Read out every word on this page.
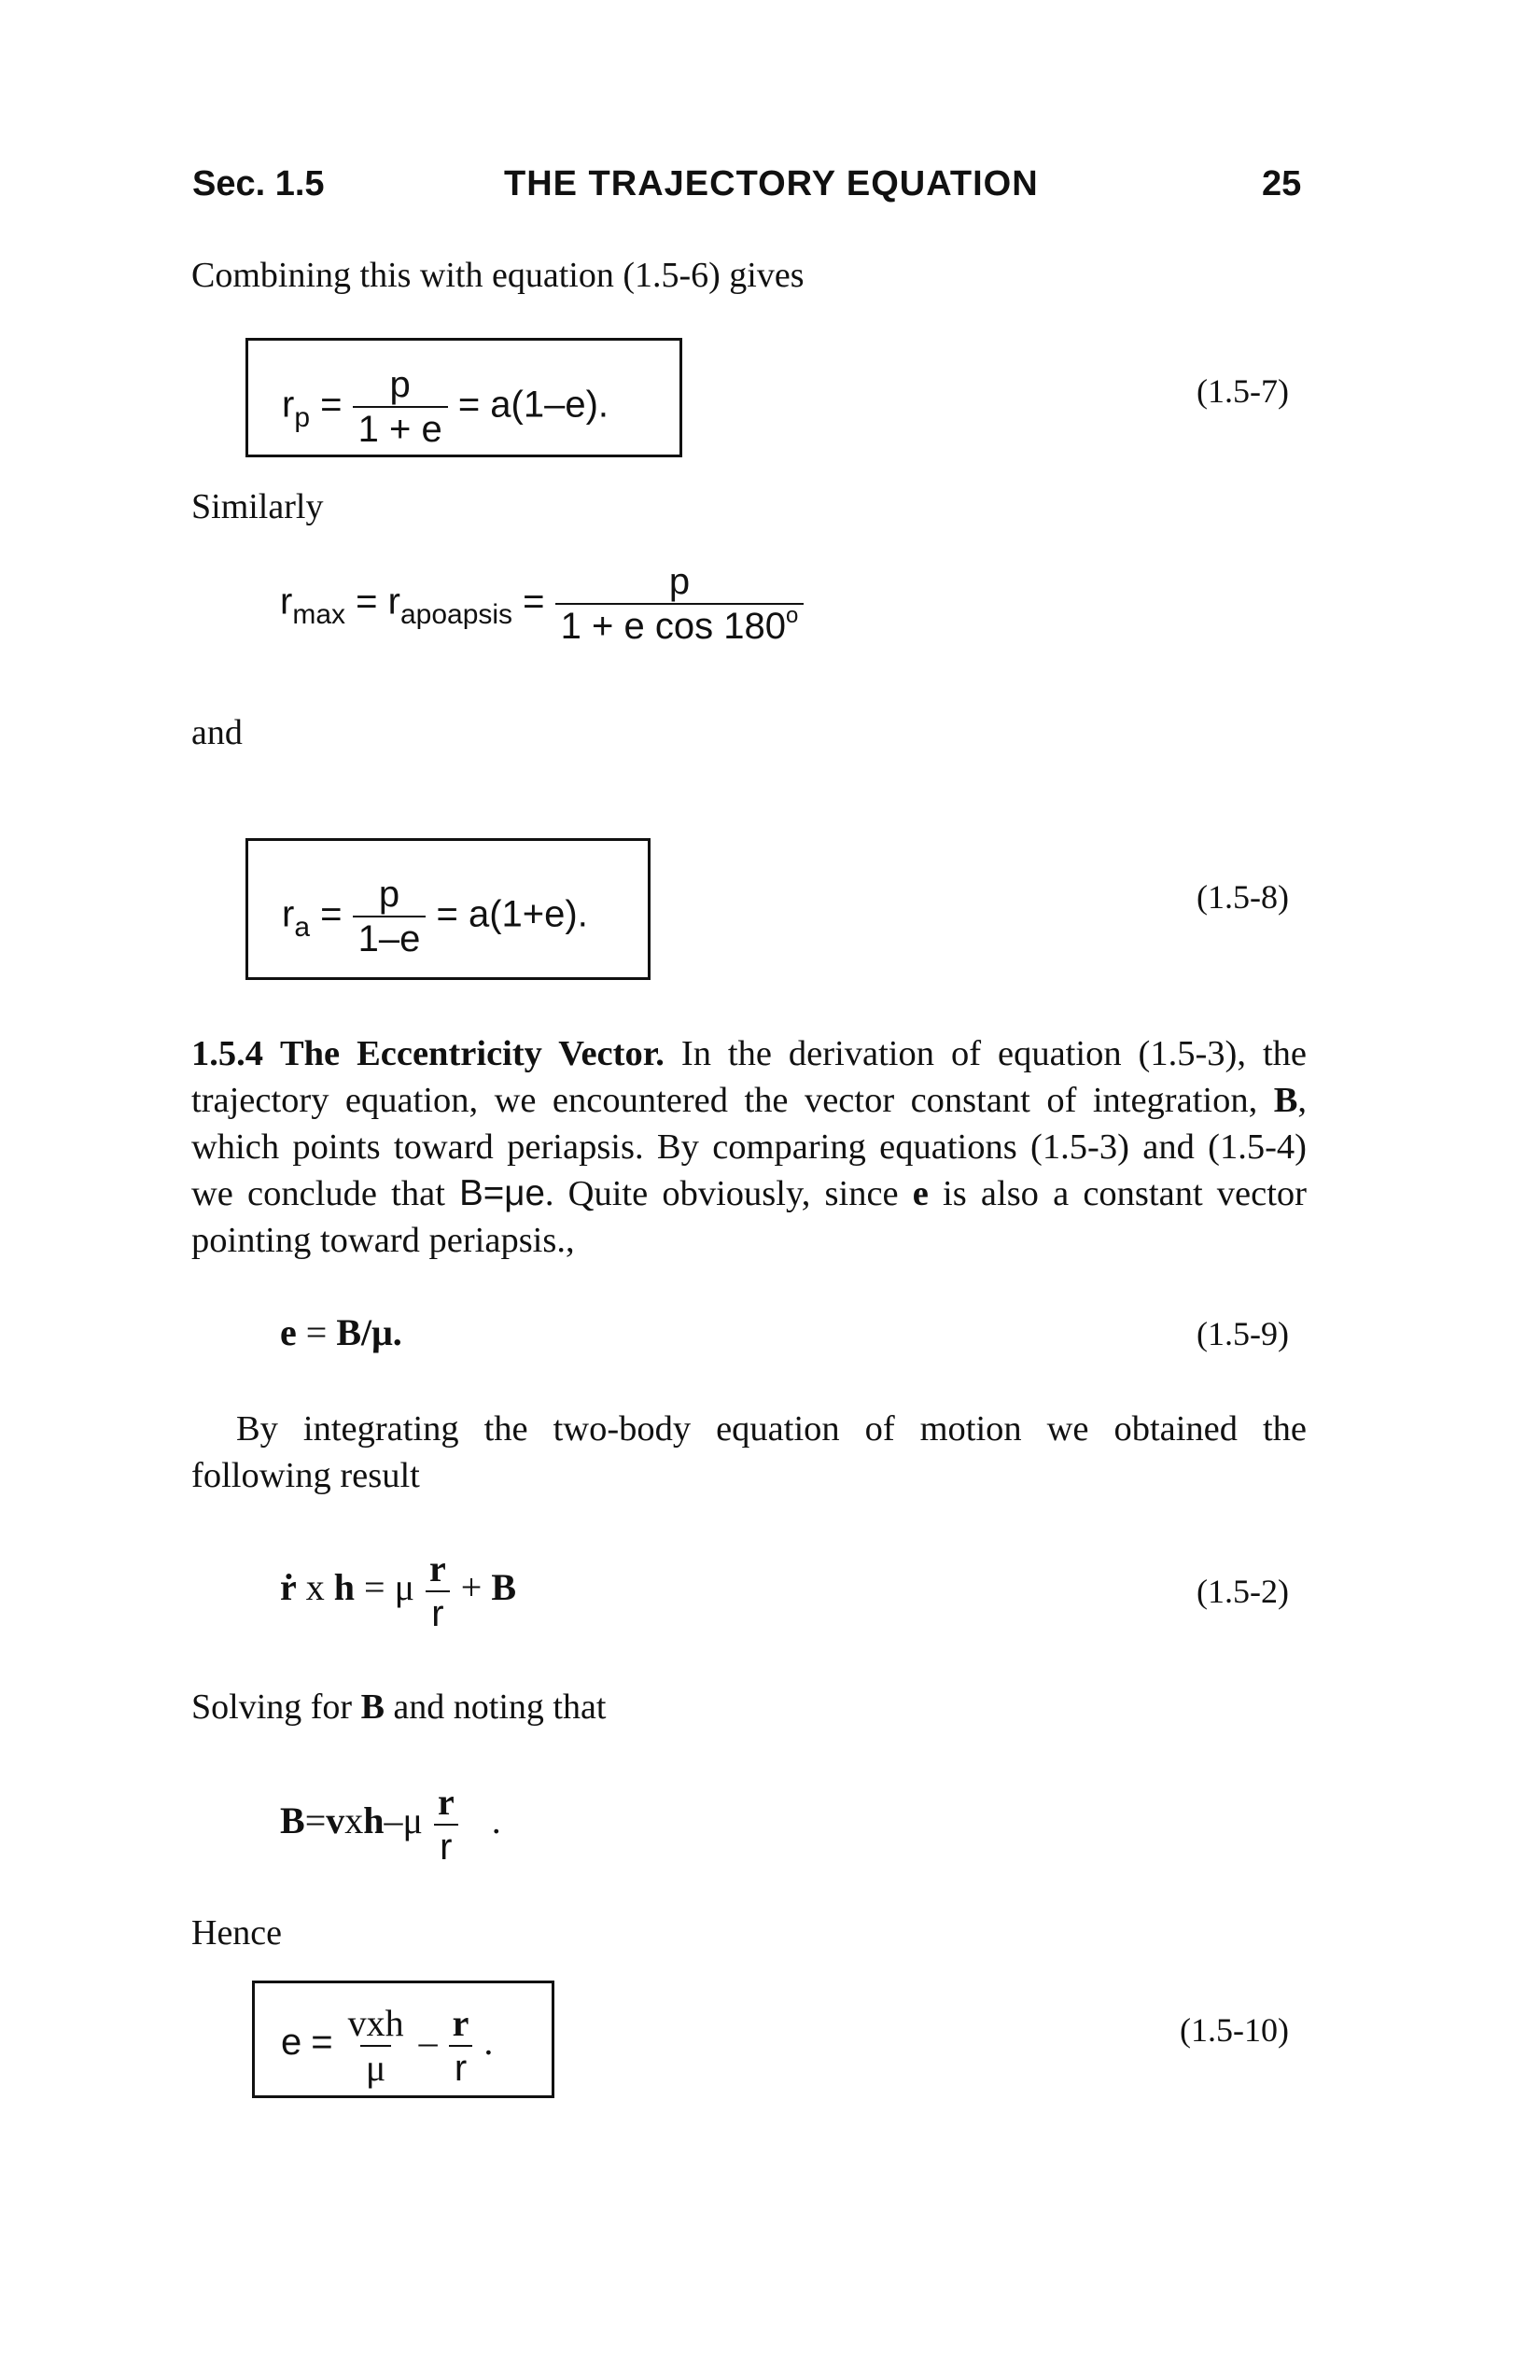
Sec. 1.5	THE TRAJECTORY EQUATION	25
Combining this with equation (1.5-6) gives
$r_p = \frac{p}{1 + e} = a(1-e)$.	(1.5-7)
Similarly
$r_{max} = r_{apoapsis} = \frac{p}{1 + e \cos 180^o}$
and
$r_a = \frac{p}{1-e} = a(1+e)$.	(1.5-8)
1.5.4 The Eccentricity Vector. In the derivation of equation (1.5-3), the trajectory equation, we encountered the vector constant of integration, B, which points toward periapsis. By comparing equations (1.5-3) and (1.5-4) we conclude that B=μe. Quite obviously, since e is also a constant vector pointing toward periapsis.,
e = B/μ.	(1.5-9)
By integrating the two-body equation of motion we obtained the following result
ṙ x h = μ $\frac{r}{r} + B$	(1.5-2)
Solving for B and noting that
$B=vxh-\mu \frac{r}{r}$ .
Hence
$e = \frac{\text{vxh}}{\mu} - \frac{r}{r}$ .	(1.5-10)
